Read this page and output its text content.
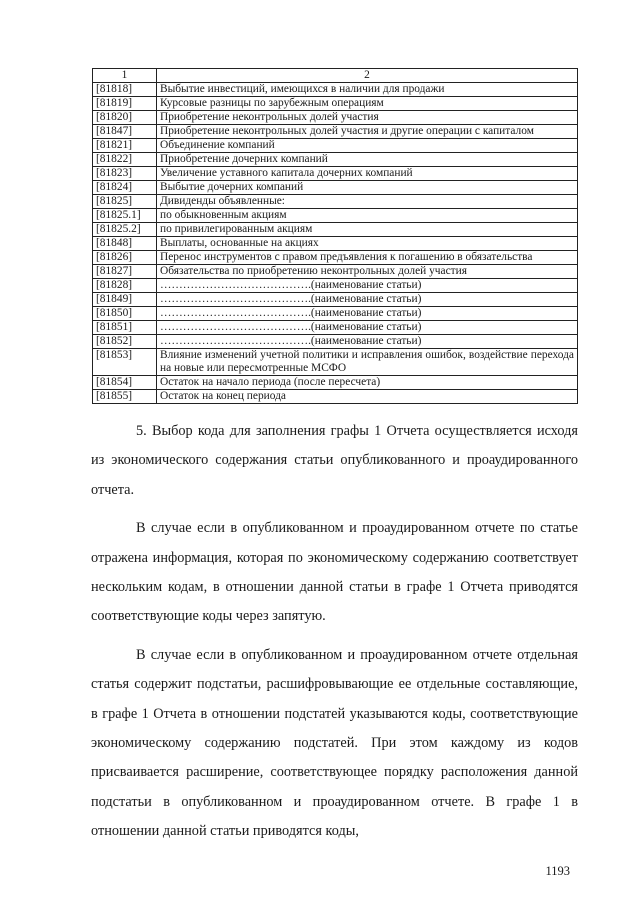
1	2
[81818]	Выбытие инвестиций, имеющихся в наличии для продажи
[81819]	Курсовые разницы по зарубежным операциям
[81820]	Приобретение неконтрольных долей участия
[81847]	Приобретение неконтрольных долей участия и другие операции с капиталом
[81821]	Объединение компаний
[81822]	Приобретение дочерних компаний
[81823]	Увеличение уставного капитала дочерних компаний
[81824]	Выбытие дочерних компаний
[81825]	Дивиденды объявленные:
[81825.1]	по обыкновенным акциям
[81825.2]	по привилегированным акциям
[81848]	Выплаты, основанные на акциях
[81826]	Перенос инструментов с правом предъявления к погашению в обязательства
[81827]	Обязательства по приобретению неконтрольных долей участия
[81828]	………………………………….(наименование статьи)
[81849]	………………………………….(наименование статьи)
[81850]	………………………………….(наименование статьи)
[81851]	………………………………….(наименование статьи)
[81852]	………………………………….(наименование статьи)
[81853]	Влияние изменений учетной политики и исправления ошибок, воздействие перехода на новые или пересмотренные МСФО
[81854]	Остаток на начало периода (после пересчета)
[81855]	Остаток на конец периода

5. Выбор кода для заполнения графы 1 Отчета осуществляется исходя из экономического содержания статьи опубликованного и проаудированного отчета.

В случае если в опубликованном и проаудированном отчете по статье отражена информация, которая по экономическому содержанию соответствует нескольким кодам, в отношении данной статьи в графе 1 Отчета приводятся соответствующие коды через запятую.

В случае если в опубликованном и проаудированном отчете отдельная статья содержит подстатьи, расшифровывающие ее отдельные составляющие, в графе 1 Отчета в отношении подстатей указываются коды, соответствующие экономическому содержанию подстатей. При этом каждому из кодов присваивается расширение, соответствующее порядку расположения данной подстатьи в опубликованном и проаудированном отчете. В графе 1 в отношении данной статьи приводятся коды,

1193
